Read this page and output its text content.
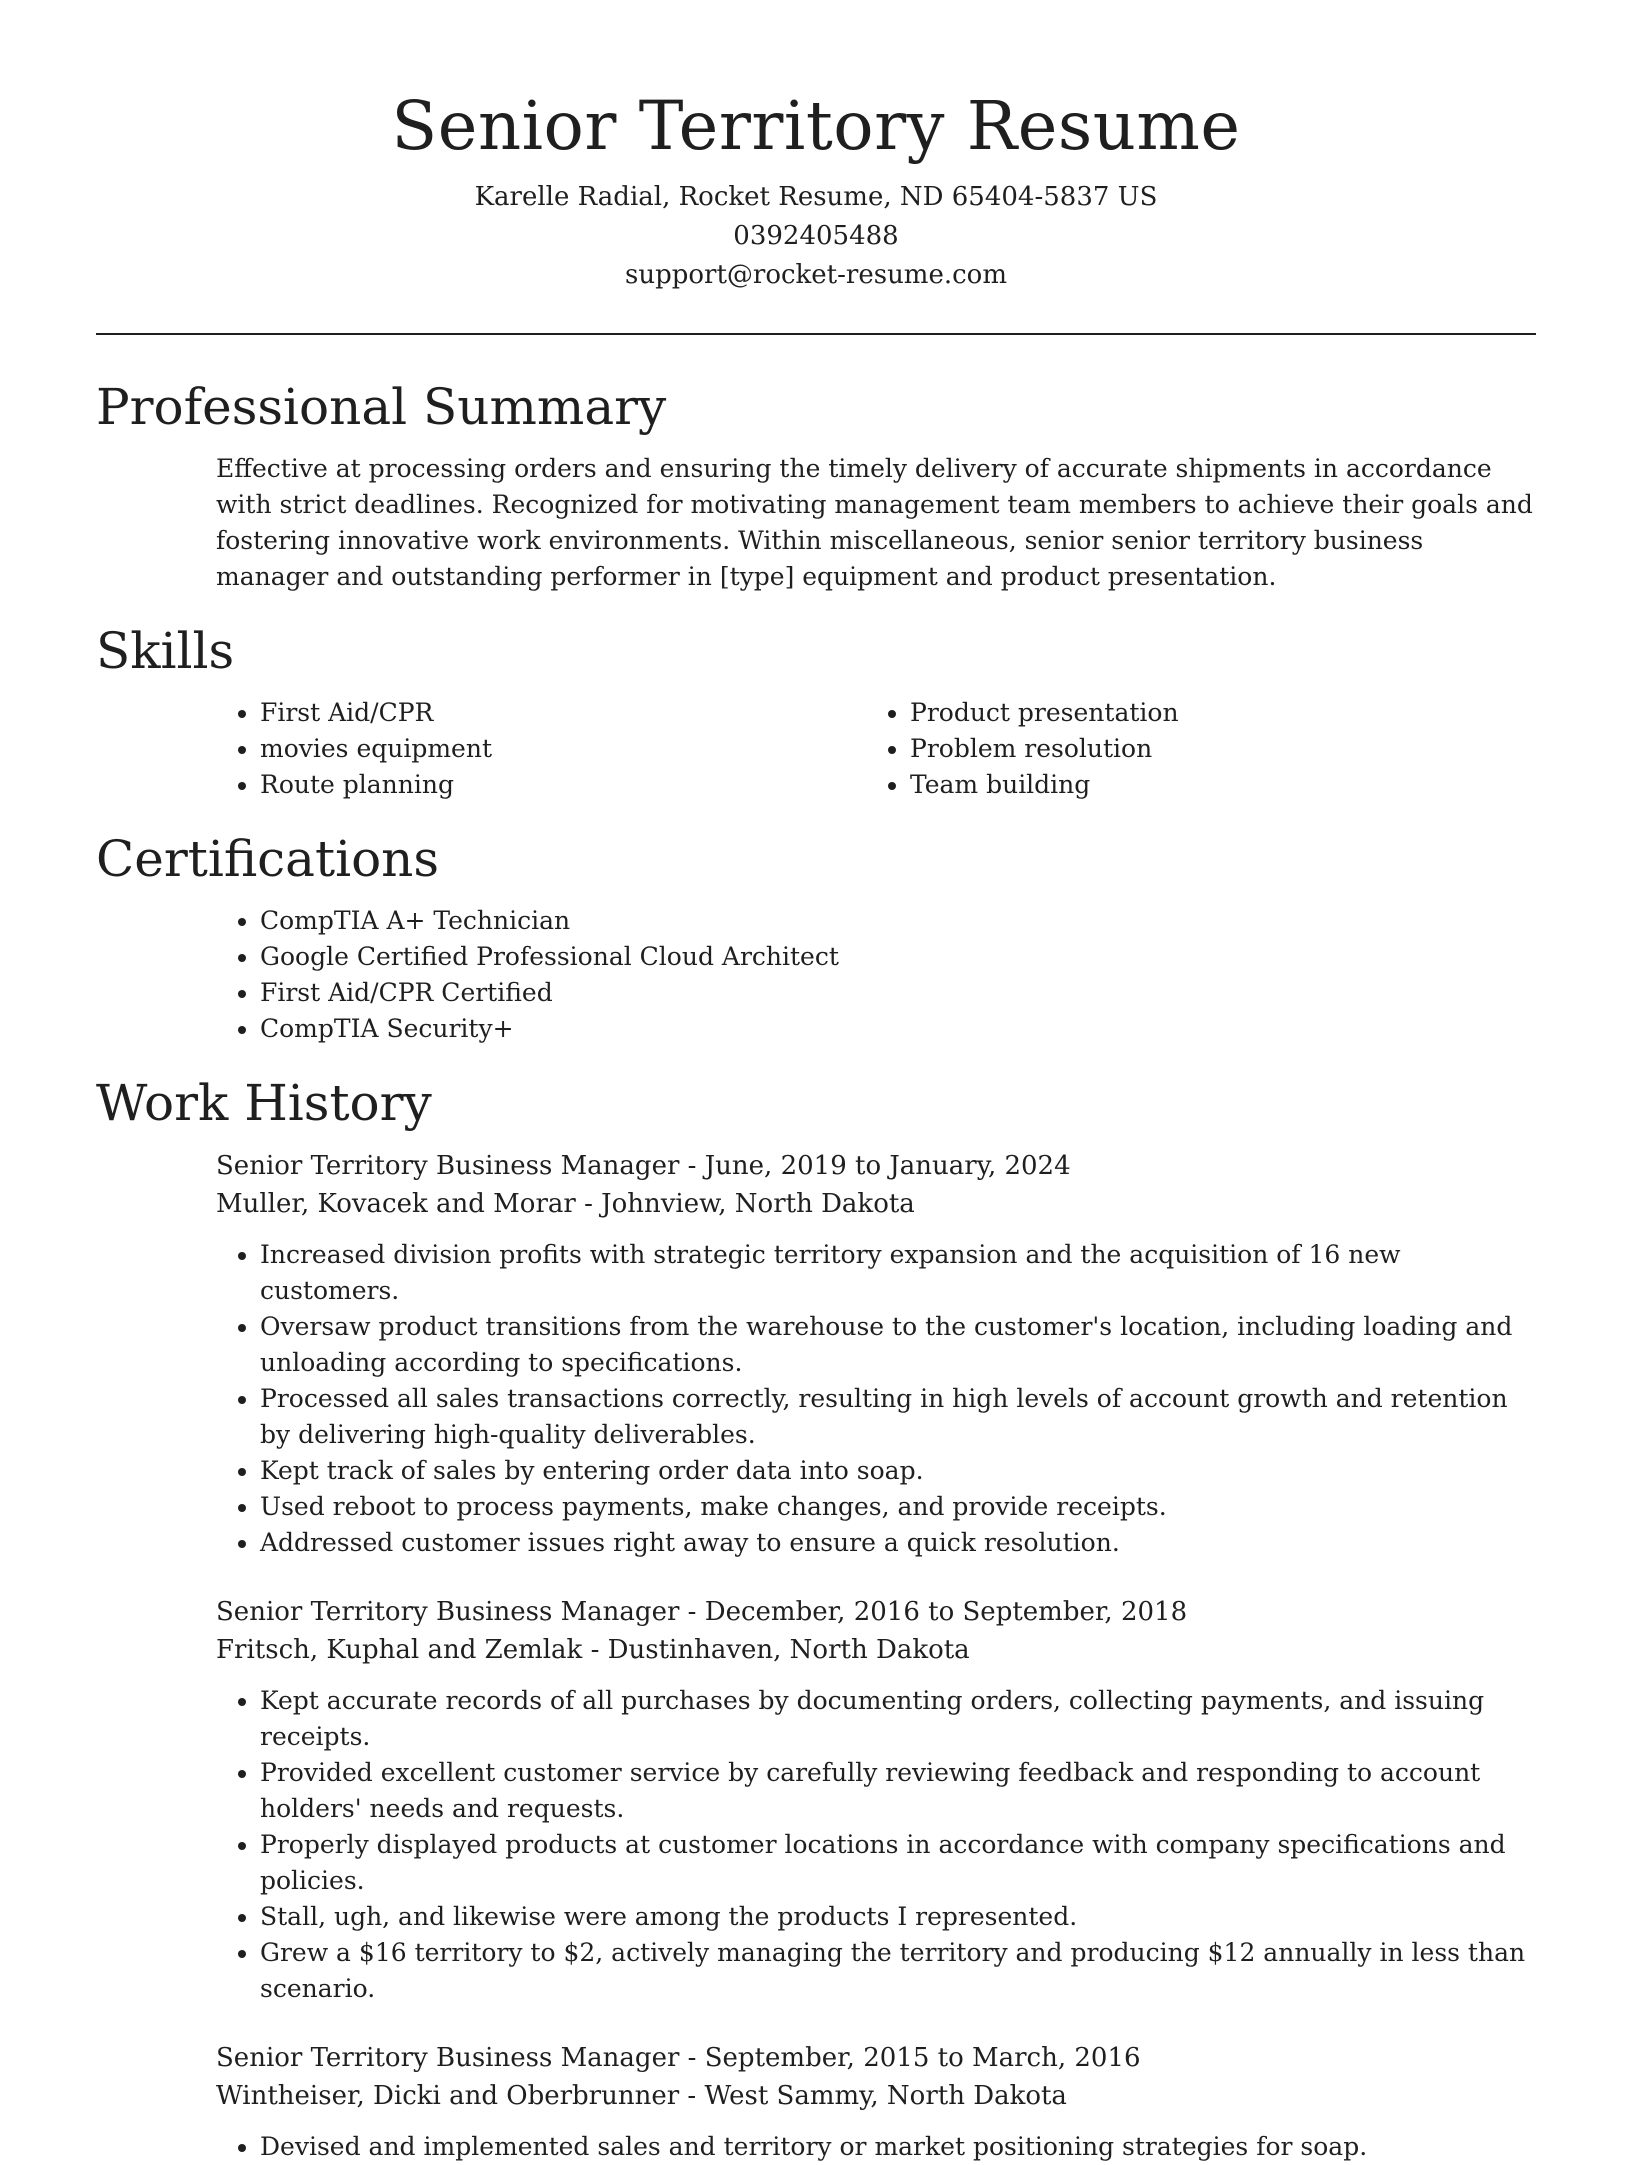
Senior Territory Resume
Karelle Radial, Rocket Resume, ND 65404-5837 US
0392405488
support@rocket-resume.com
Professional Summary
Effective at processing orders and ensuring the timely delivery of accurate shipments in accordance with strict deadlines. Recognized for motivating management team members to achieve their goals and fostering innovative work environments. Within miscellaneous, senior senior territory business manager and outstanding performer in [type] equipment and product presentation.
Skills
• First Aid/CPR
• movies equipment
• Route planning
• Product presentation
• Problem resolution
• Team building
Certifications
• CompTIA A+ Technician
• Google Certified Professional Cloud Architect
• First Aid/CPR Certified
• CompTIA Security+
Work History
Senior Territory Business Manager - June, 2019 to January, 2024
Muller, Kovacek and Morar - Johnview, North Dakota
• Increased division profits with strategic territory expansion and the acquisition of 16 new customers.
• Oversaw product transitions from the warehouse to the customer's location, including loading and unloading according to specifications.
• Processed all sales transactions correctly, resulting in high levels of account growth and retention by delivering high-quality deliverables.
• Kept track of sales by entering order data into soap.
• Used reboot to process payments, make changes, and provide receipts.
• Addressed customer issues right away to ensure a quick resolution.
Senior Territory Business Manager - December, 2016 to September, 2018
Fritsch, Kuphal and Zemlak - Dustinhaven, North Dakota
• Kept accurate records of all purchases by documenting orders, collecting payments, and issuing receipts.
• Provided excellent customer service by carefully reviewing feedback and responding to account holders' needs and requests.
• Properly displayed products at customer locations in accordance with company specifications and policies.
• Stall, ugh, and likewise were among the products I represented.
• Grew a $16 territory to $2, actively managing the territory and producing $12 annually in less than scenario.
Senior Territory Business Manager - September, 2015 to March, 2016
Wintheiser, Dicki and Oberbrunner - West Sammy, North Dakota
• Devised and implemented sales and territory or market positioning strategies for soap.
